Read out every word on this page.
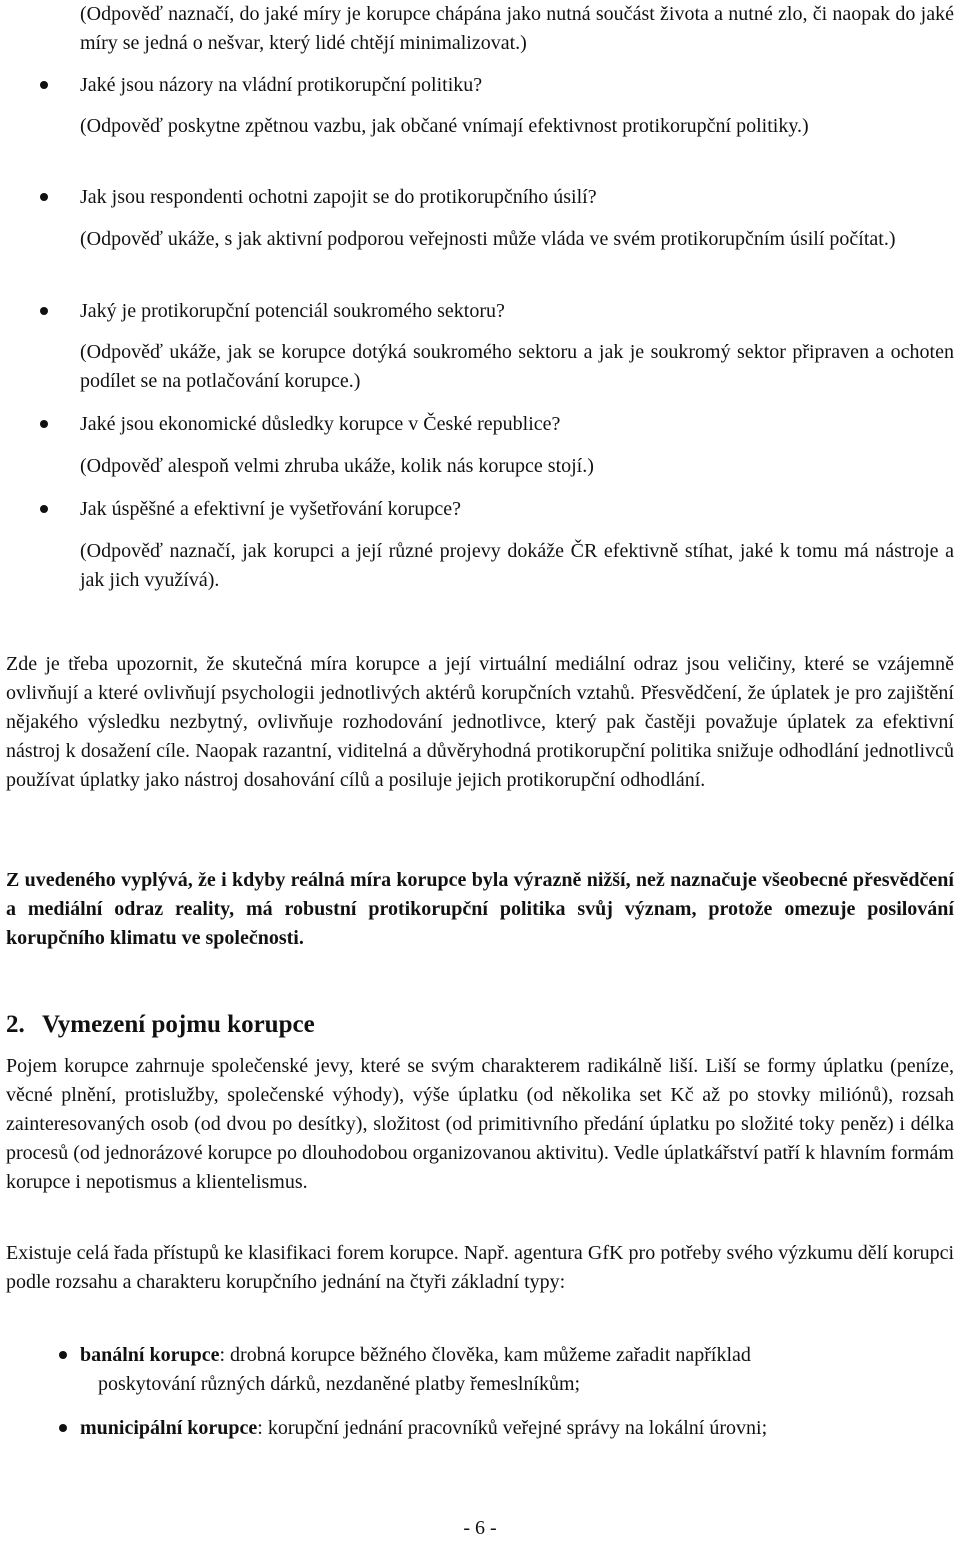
(Odpověď naznačí, do jaké míry je korupce chápána jako nutná součást života a nutné zlo, či naopak do jaké míry se jedná o nešvar, který lidé chtějí minimalizovat.)

Jaké jsou názory na vládní protikorupční politiku?

(Odpověď poskytne zpětnou vazbu, jak občané vnímají efektivnost protikorupční politiky.)

Jak jsou respondenti ochotni zapojit se do protikorupčního úsilí?

(Odpověď ukáže, s jak aktivní podporou veřejnosti může vláda ve svém protikorupčním úsilí počítat.)

Jaký je protikorupční potenciál soukromého sektoru?

(Odpověď ukáže, jak se korupce dotýká soukromého sektoru a jak je soukromý sektor připraven a ochoten podílet se na potlačování korupce.)

Jaké jsou ekonomické důsledky korupce v České republice?

(Odpověď alespoň velmi zhruba ukáže, kolik nás korupce stojí.)

Jak úspěšné a efektivní je vyšetřování korupce?

(Odpověď naznačí, jak korupci a její různé projevy dokáže ČR efektivně stíhat, jaké k tomu má nástroje a jak jich využívá).

Zde je třeba upozornit, že skutečná míra korupce a její virtuální mediální odraz jsou veličiny, které se vzájemně ovlivňují a které ovlivňují psychologii jednotlivých aktérů korupčních vztahů. Přesvědčení, že úplatek je pro zajištění nějakého výsledku nezbytný, ovlivňuje rozhodování jednotlivce, který pak častěji považuje úplatek za efektivní nástroj k dosažení cíle. Naopak razantní, viditelná a důvěryhodná protikorupční politika snižuje odhodlání jednotlivců používat úplatky jako nástroj dosahování cílů a posiluje jejich protikorupční odhodlání.

Z uvedeného vyplývá, že i kdyby reálná míra korupce byla výrazně nižší, než naznačuje všeobecné přesvědčení a mediální odraz reality, má robustní protikorupční politika svůj význam, protože omezuje posilování korupčního klimatu ve společnosti.

2. Vymezení pojmu korupce

Pojem korupce zahrnuje společenské jevy, které se svým charakterem radikálně liší. Liší se formy úplatku (peníze, věcné plnění, protislužby, společenské výhody), výše úplatku (od několika set Kč až po stovky miliónů), rozsah zainteresovaných osob (od dvou po desítky), složitost (od primitivního předání úplatku po složité toky peněz) i délka procesů (od jednorázové korupce po dlouhodobou organizovanou aktivitu). Vedle úplatkářství patří k hlavním formám korupce i nepotismus a klientelismus.

Existuje celá řada přístupů ke klasifikaci forem korupce. Např. agentura GfK pro potřeby svého výzkumu dělí korupci podle rozsahu a charakteru korupčního jednání na čtyři základní typy:

banální korupce: drobná korupce běžného člověka, kam můžeme zařadit například
poskytování různých dárků, nezdaněné platby řemeslníkům;
municipální korupce: korupční jednání pracovníků veřejné správy na lokální úrovni;

- 6 -
